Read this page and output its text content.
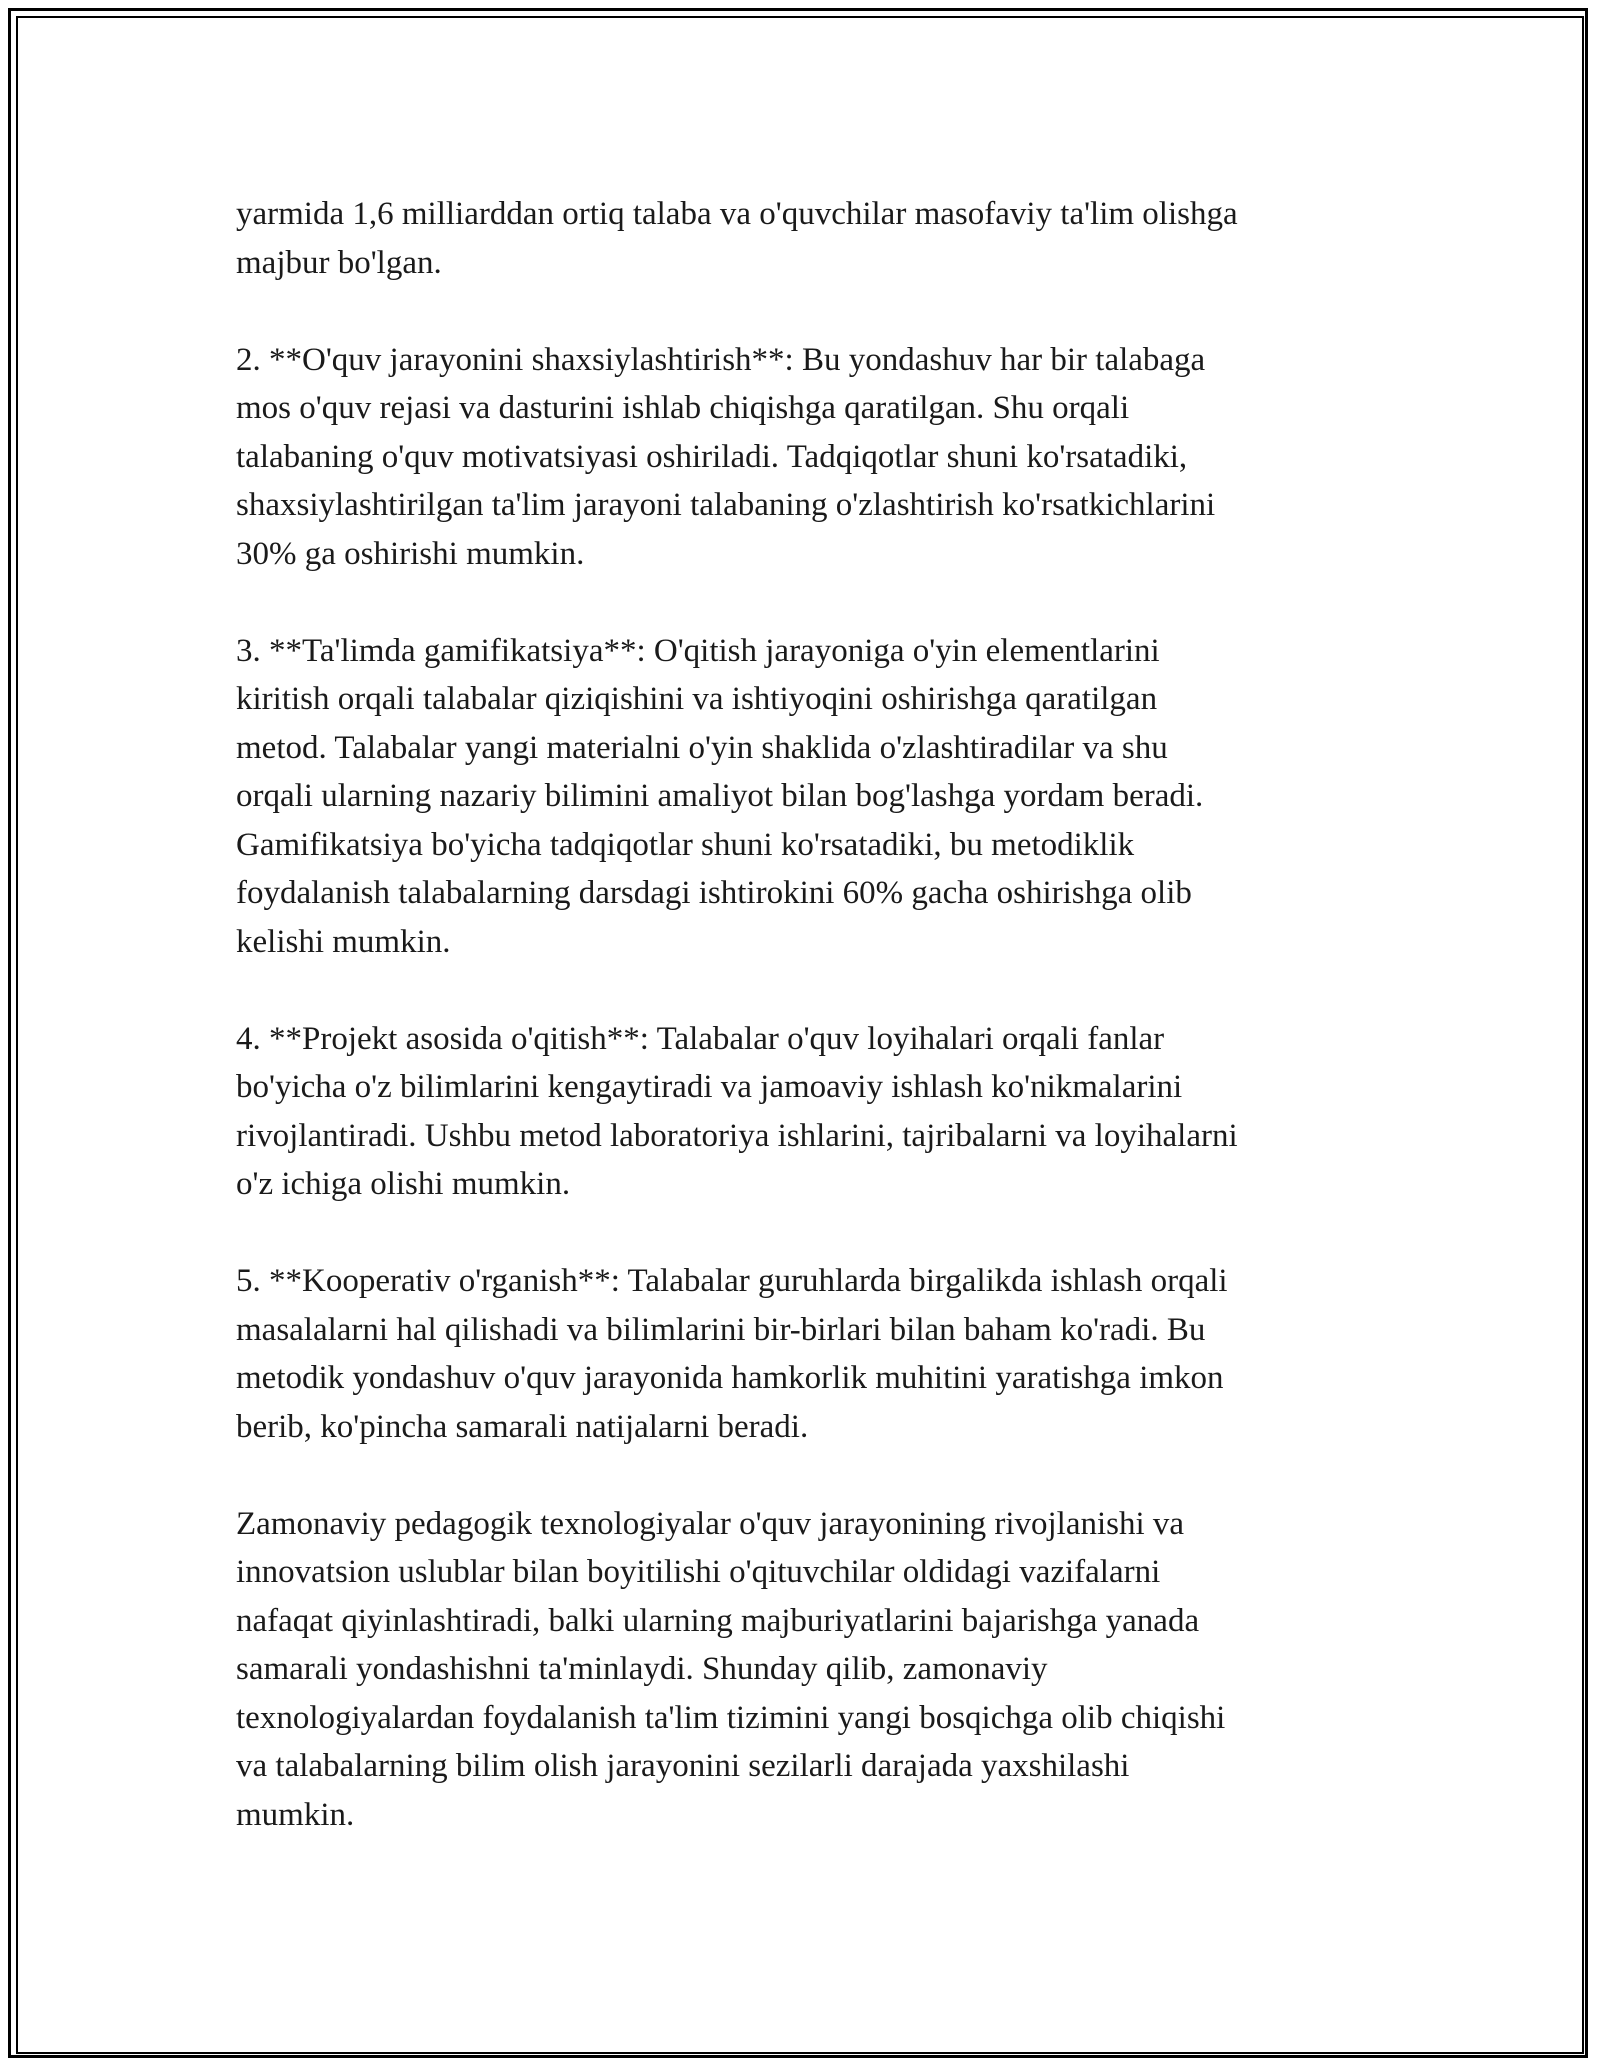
yarmida 1,6 milliarddan ortiq talaba va o'quvchilar masofaviy ta'lim olishga
majbur bo'lgan.

2. **O'quv jarayonini shaxsiylashtirish**: Bu yondashuv har bir talabaga
mos o'quv rejasi va dasturini ishlab chiqishga qaratilgan. Shu orqali
talabaning o'quv motivatsiyasi oshiriladi. Tadqiqotlar shuni ko'rsatadiki,
shaxsiylashtirilgan ta'lim jarayoni talabaning o'zlashtirish ko'rsatkichlarini
30% ga oshirishi mumkin.

3. **Ta'limda gamifikatsiya**: O'qitish jarayoniga o'yin elementlarini
kiritish orqali talabalar qiziqishini va ishtiyoqini oshirishga qaratilgan
metod. Talabalar yangi materialni o'yin shaklida o'zlashtiradilar va shu
orqali ularning nazariy bilimini amaliyot bilan bog'lashga yordam beradi.
Gamifikatsiya bo'yicha tadqiqotlar shuni ko'rsatadiki, bu metodiklik
foydalanish talabalarning darsdagi ishtirokini 60% gacha oshirishga olib
kelishi mumkin.

4. **Projekt asosida o'qitish**: Talabalar o'quv loyihalari orqali fanlar
bo'yicha o'z bilimlarini kengaytiradi va jamoaviy ishlash ko'nikmalarini
rivojlantiradi. Ushbu metod laboratoriya ishlarini, tajribalarni va loyihalarni
o'z ichiga olishi mumkin.

5. **Kooperativ o'rganish**: Talabalar guruhlarda birgalikda ishlash orqali
masalalarni hal qilishadi va bilimlarini bir-birlari bilan baham ko'radi. Bu
metodik yondashuv o'quv jarayonida hamkorlik muhitini yaratishga imkon
berib, ko'pincha samarali natijalarni beradi.

Zamonaviy pedagogik texnologiyalar o'quv jarayonining rivojlanishi va
innovatsion uslublar bilan boyitilishi o'qituvchilar oldidagi vazifalarni
nafaqat qiyinlashtiradi, balki ularning majburiyatlarini bajarishga yanada
samarali yondashishni ta'minlaydi. Shunday qilib, zamonaviy
texnologiyalardan foydalanish ta'lim tizimini yangi bosqichga olib chiqishi
va talabalarning bilim olish jarayonini sezilarli darajada yaxshilashi
mumkin.
